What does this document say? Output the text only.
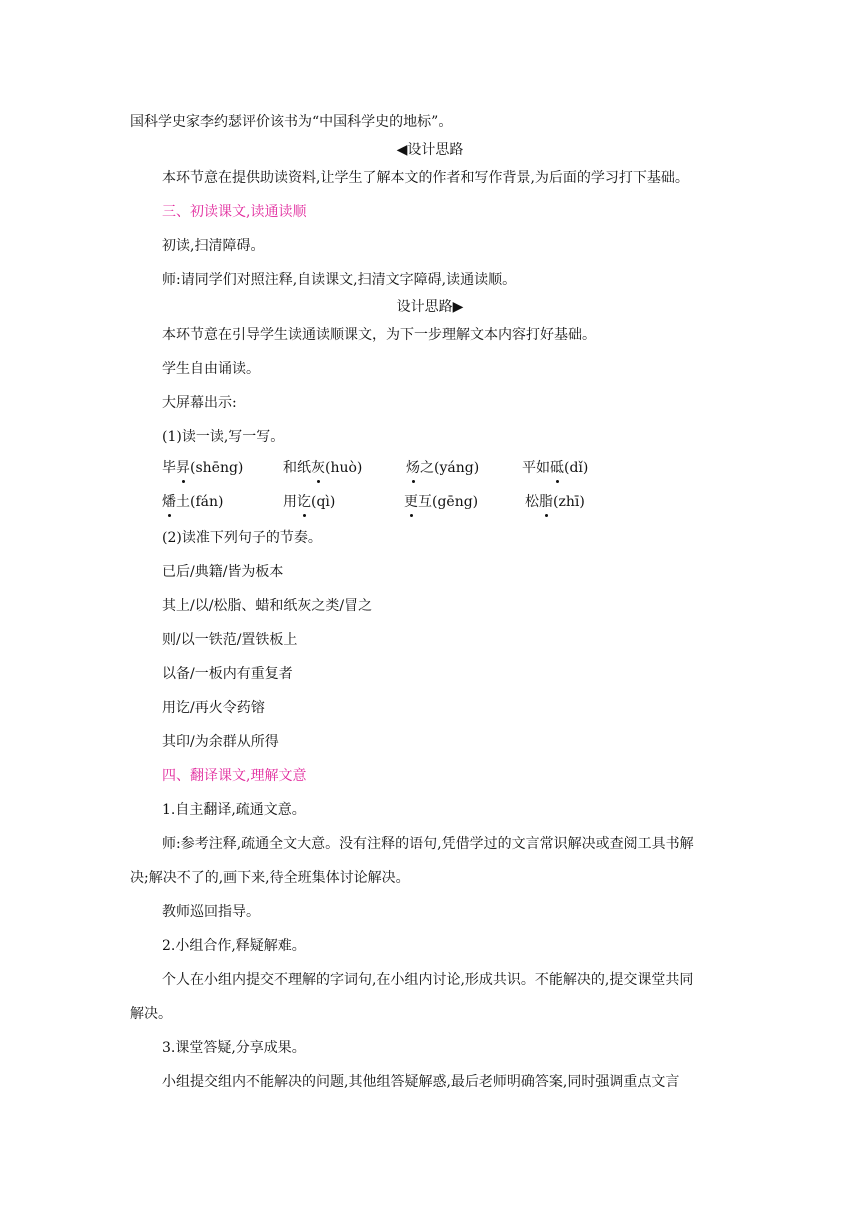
国科学史家李约瑟评价该书为“中国科学史的地标”。
◀设计思路
本环节意在提供助读资料,让学生了解本文的作者和写作背景,为后面的学习打下基础。
三、初读课文,读通读顺
初读,扫清障碍。
师:请同学们对照注释,自读课文,扫清文字障碍,读通读顺。
设计思路▶
本环节意在引导学生读通读顺课文，为下一步理解文本内容打好基础。
学生自由诵读。
大屏幕出示:
(1)读一读,写一写。
毕昇(shēng)	和纸灰(huò)	炀之(yáng)	平如砥(dǐ)
燔土(fán)	用讫(qì)	更互(gēng)	松脂(zhī)
(2)读准下列句子的节奏。
已后/典籍/皆为板本
其上/以/松脂、蜡和纸灰之类/冒之
则/以一铁范/置铁板上
以备/一板内有重复者
用讫/再火令药镕
其印/为余群从所得
四、翻译课文,理解文意
1.自主翻译,疏通文意。
师:参考注释,疏通全文大意。没有注释的语句,凭借学过的文言常识解决或查阅工具书解
决;解决不了的,画下来,待全班集体讨论解决。
教师巡回指导。
2.小组合作,释疑解难。
个人在小组内提交不理解的字词句,在小组内讨论,形成共识。不能解决的,提交课堂共同
解决。
3.课堂答疑,分享成果。
小组提交组内不能解决的问题,其他组答疑解惑,最后老师明确答案,同时强调重点文言
